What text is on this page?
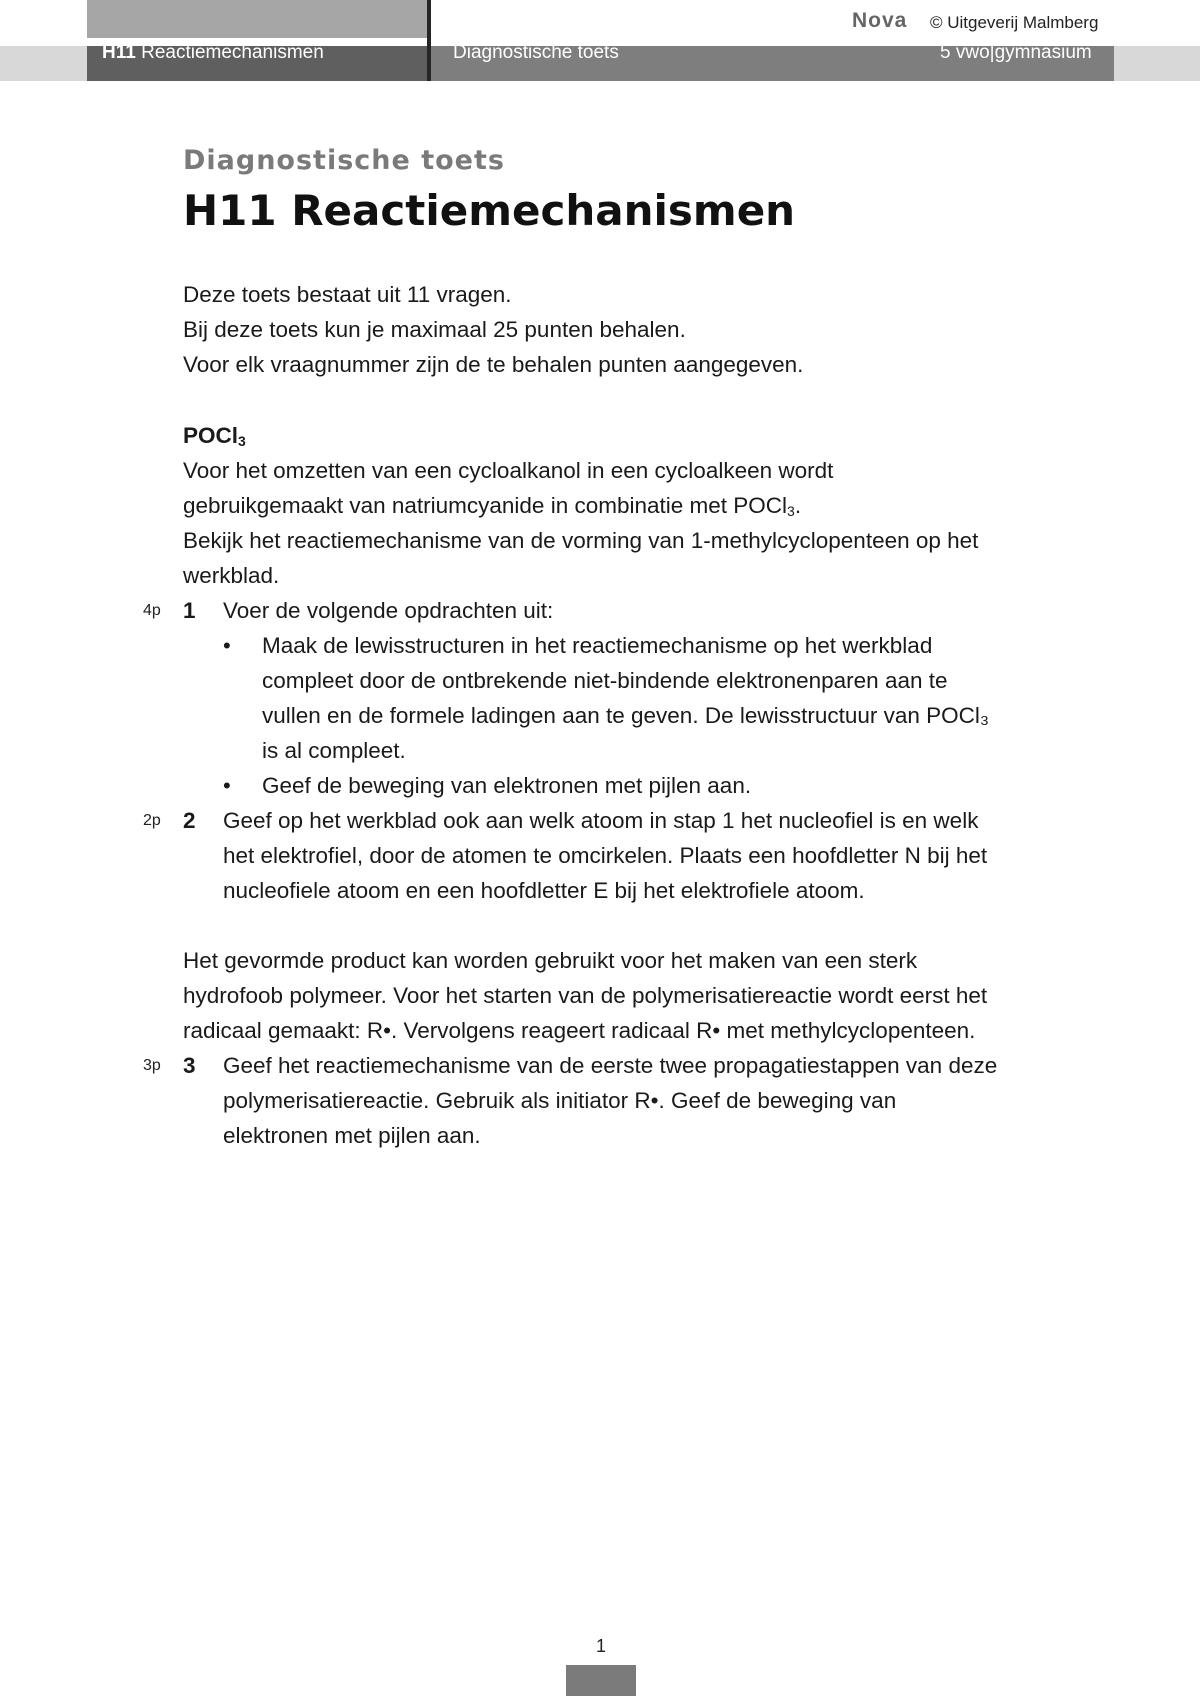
H11 Reactiemechanismen	Diagnostische toets	5 vwo|gymnasium
Nova © Uitgeverij Malmberg
Diagnostische toets
H11 Reactiemechanismen
Deze toets bestaat uit 11 vragen.
Bij deze toets kun je maximaal 25 punten behalen.
Voor elk vraagnummer zijn de te behalen punten aangegeven.
POCl$_3$
Voor het omzetten van een cycloalkanol in een cycloalkeen wordt
gebruikgemaakt van natriumcyanide in combinatie met POCl$_3$.
Bekijk het reactiemechanisme van de vorming van 1-methylcyclopenteen op het
werkblad.
4p 1 Voer de volgende opdrachten uit:
• Maak de lewisstructuren in het reactiemechanisme op het werkblad
compleet door de ontbrekende niet-bindende elektronenparen aan te
vullen en de formele ladingen aan te geven. De lewisstructuur van POCl₃
is al compleet.
• Geef de beweging van elektronen met pijlen aan.
2p 2 Geef op het werkblad ook aan welk atoom in stap 1 het nucleofiel is en welk
het elektrofiel, door de atomen te omcirkelen. Plaats een hoofdletter N bij het
nucleofiele atoom en een hoofdletter E bij het elektrofiele atoom.
Het gevormde product kan worden gebruikt voor het maken van een sterk
hydrofoob polymeer. Voor het starten van de polymerisatiereactie wordt eerst het
radicaal gemaakt: R•. Vervolgens reageert radicaal R• met methylcyclopenteen.
3p 3 Geef het reactiemechanisme van de eerste twee propagatiestappen van deze
polymerisatiereactie. Gebruik als initiator R•. Geef de beweging van
elektronen met pijlen aan.
1
